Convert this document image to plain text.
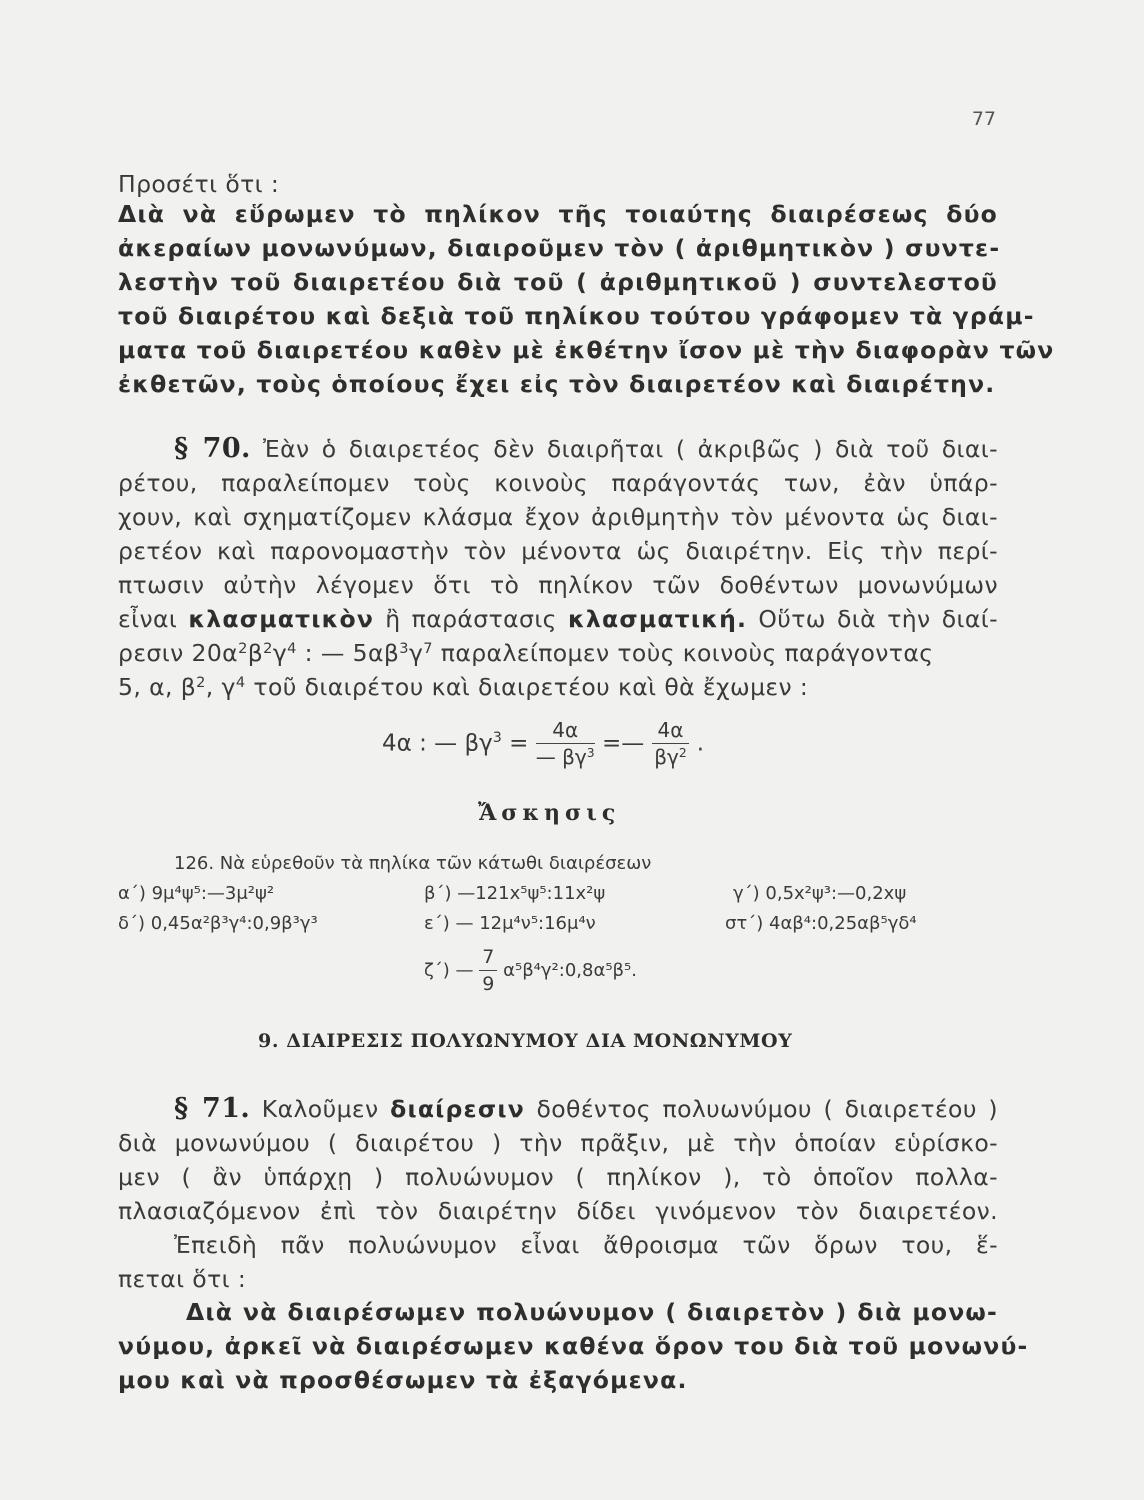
77
Προσέτι ὅτι :
Διὰ νὰ εὕρωμεν τὸ πηλίκον τῆς τοιαύτης διαιρέσεως δύο
ἀκεραίων μονωνύμων, διαιροῦμεν τὸν ( ἀριθμητικὸν ) συντε-
λεστὴν τοῦ διαιρετέου διὰ τοῦ ( ἀριθμητικοῦ ) συντελεστοῦ
τοῦ διαιρέτου καὶ δεξιὰ τοῦ πηλίκου τούτου γράφομεν τὰ γράμ-
ματα τοῦ διαιρετέου καθὲν μὲ ἐκθέτην ἴσον μὲ τὴν διαφορὰν τῶν
ἐκθετῶν, τοὺς ὁποίους ἔχει εἰς τὸν διαιρετέον καὶ διαιρέτην.
§ 70. Ἐὰν ὁ διαιρετέος δὲν διαιρῆται ( ἀκριβῶς ) διὰ τοῦ διαι-
ρέτου, παραλείπομεν τοὺς κοινοὺς παράγοντάς των, ἐὰν ὑπάρ-
χουν, καὶ σχηματίζομεν κλάσμα ἔχον ἀριθμητὴν τὸν μένοντα ὡς διαι-
ρετέον καὶ παρονομαστὴν τὸν μένοντα ὡς διαιρέτην. Εἰς τὴν περί-
πτωσιν αὐτὴν λέγομεν ὅτι τὸ πηλίκον τῶν δοθέντων μονωνύμων
εἶναι κλασματικὸν ἢ παράστασις κλασματική. Οὕτω διὰ τὴν διαί-
ρεσιν $20\alpha^2\beta^2\gamma^4$ : — $5\alpha\beta^3\gamma^7$ παραλείπομεν τοὺς κοινοὺς παράγοντας
5, α, $\beta^2$, $\gamma^4$ τοῦ διαιρέτου καὶ διαιρετέου καὶ θὰ ἔχωμεν :
4α : — $\beta\gamma^3 = \frac{4\alpha}{— \beta\gamma^3}$ =— $\frac{4\alpha}{\beta\gamma^2}$ .
Ἄσκησις
126. Νὰ εὑρεθοῦν τὰ πηλίκα τῶν κάτωθι διαιρέσεων
α΄) 9μ⁴ψ⁵:—3μ²ψ²	β΄) —121x⁵ψ⁵:11x²ψ	γ΄) 0,5x²ψ³:—0,2xψ
δ΄) 0,45α²β³γ⁴:0,9β³γ³	ε΄) — 12μ⁴ν⁵:16μ⁴ν	στ΄) 4αβ⁴:0,25αβ⁵γδ⁴
ζ΄) — $\frac{7}{9}$ α⁵β⁴γ²:0,8α⁵β⁵.
9. ΔΙΑΙΡΕΣΙΣ ΠΟΛΥΩΝΥΜΟΥ ΔΙΑ ΜΟΝΩΝΥΜΟΥ
§ 71. Καλοῦμεν διαίρεσιν δοθέντος πολυωνύμου ( διαιρετέου )
διὰ μονωνύμου ( διαιρέτου ) τὴν πρᾶξιν, μὲ τὴν ὁποίαν εὑρίσκο-
μεν ( ἂν ὑπάρχῃ ) πολυώνυμον ( πηλίκον ), τὸ ὁποῖον πολλα-
πλασιαζόμενον ἐπὶ τὸν διαιρέτην δίδει γινόμενον τὸν διαιρετέον.
Ἐπειδὴ πᾶν πολυώνυμον εἶναι ἄθροισμα τῶν ὅρων του, ἕ-
πεται ὅτι :
Διὰ νὰ διαιρέσωμεν πολυώνυμον ( διαιρετὸν ) διὰ μονω-
νύμου, ἀρκεῖ νὰ διαιρέσωμεν καθένα ὅρον του διὰ τοῦ μονωνύ-
μου καὶ νὰ προσθέσωμεν τὰ ἐξαγόμενα.
